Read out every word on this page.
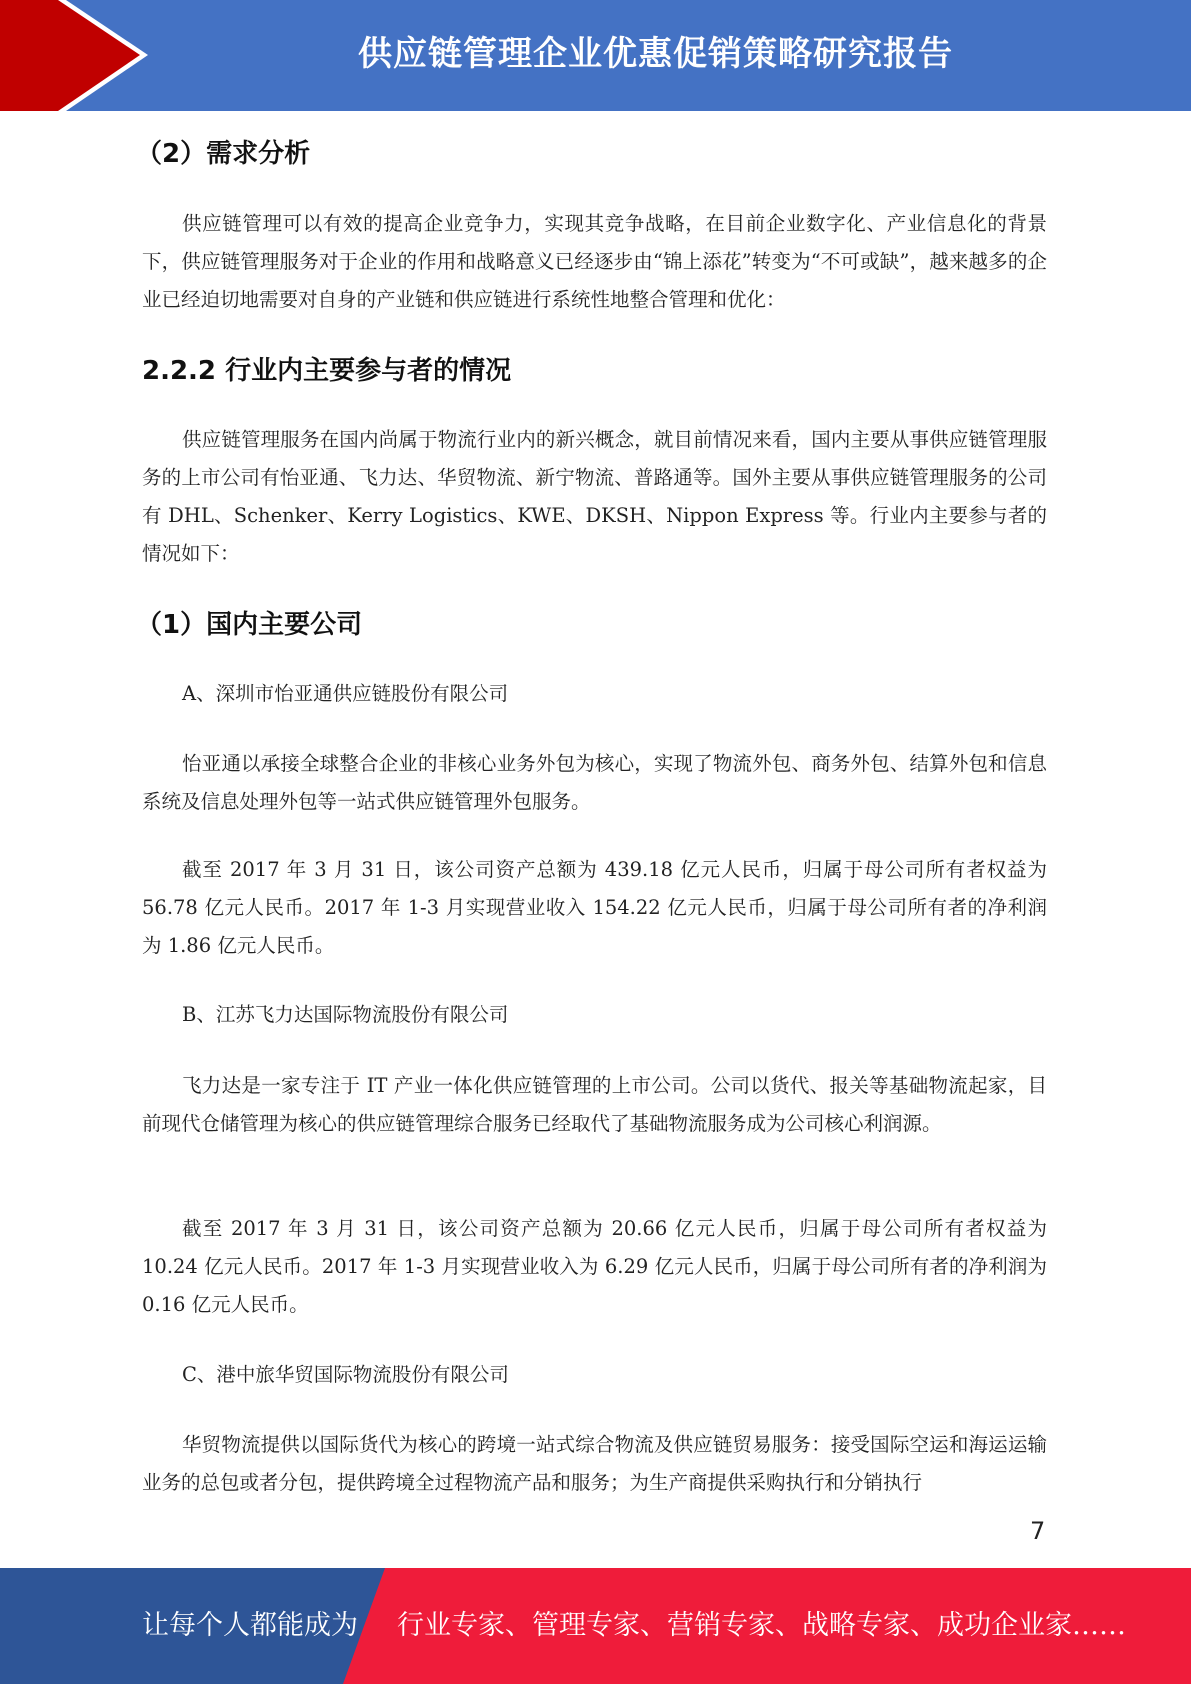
供应链管理企业优惠促销策略研究报告
（2）需求分析
供应链管理可以有效的提高企业竞争力，实现其竞争战略，在目前企业数字化、产业信息化的背景下，供应链管理服务对于企业的作用和战略意义已经逐步由“锦上添花”转变为“不可或缺”，越来越多的企业已经迫切地需要对自身的产业链和供应链进行系统性地整合管理和优化：
2.2.2 行业内主要参与者的情况
供应链管理服务在国内尚属于物流行业内的新兴概念，就目前情况来看，国内主要从事供应链管理服务的上市公司有怡亚通、飞力达、华贸物流、新宁物流、普路通等。国外主要从事供应链管理服务的公司有 DHL、Schenker、Kerry Logistics、KWE、DKSH、Nippon Express 等。行业内主要参与者的情况如下：
（1）国内主要公司
A、深圳市怡亚通供应链股份有限公司
怡亚通以承接全球整合企业的非核心业务外包为核心，实现了物流外包、商务外包、结算外包和信息系统及信息处理外包等一站式供应链管理外包服务。
截至 2017 年 3 月 31 日，该公司资产总额为 439.18 亿元人民币，归属于母公司所有者权益为 56.78 亿元人民币。2017 年 1-3 月实现营业收入 154.22 亿元人民币，归属于母公司所有者的净利润为 1.86 亿元人民币。
B、江苏飞力达国际物流股份有限公司
飞力达是一家专注于 IT 产业一体化供应链管理的上市公司。公司以货代、报关等基础物流起家，目前现代仓储管理为核心的供应链管理综合服务已经取代了基础物流服务成为公司核心利润源。
截至 2017 年 3 月 31 日，该公司资产总额为 20.66 亿元人民币，归属于母公司所有者权益为 10.24 亿元人民币。2017 年 1-3 月实现营业收入为 6.29 亿元人民币，归属于母公司所有者的净利润为 0.16 亿元人民币。
C、港中旅华贸国际物流股份有限公司
华贸物流提供以国际货代为核心的跨境一站式综合物流及供应链贸易服务：接受国际空运和海运运输业务的总包或者分包，提供跨境全过程物流产品和服务；为生产商提供采购执行和分销执行
7
让每个人都能成为 行业专家、管理专家、营销专家、战略专家、成功企业家……
